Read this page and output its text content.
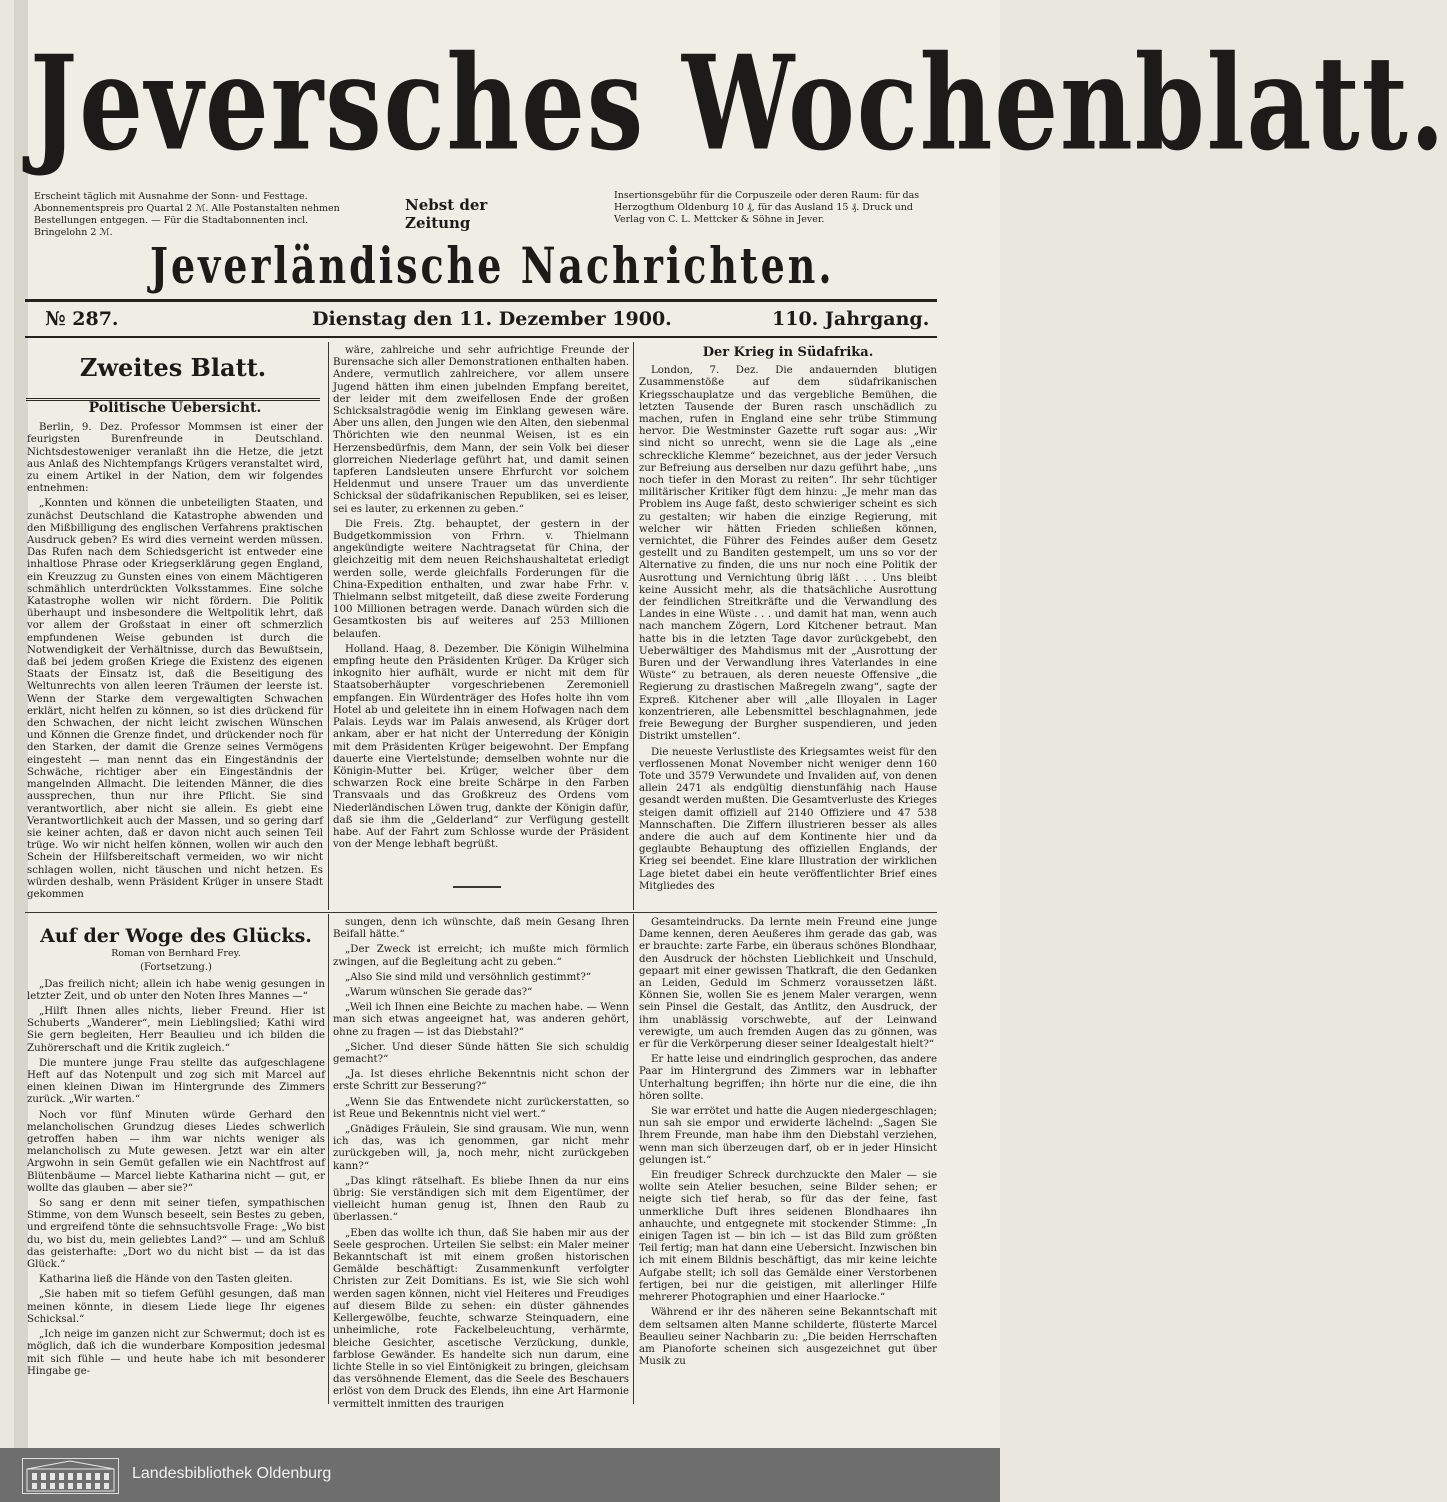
Jeversches Wochenblatt.
Erscheint täglich mit Ausnahme der Sonn- und Festtage. Abonnementspreis pro Quartal 2 ℳ. Alle Postanstalten nehmen Bestellungen entgegen. — Für die Stadtabonnenten incl. Bringelohn 2 ℳ.
Nebst der Zeitung
Insertionsgebühr für die Corpuszeile oder deren Raum: für das Herzogthum Oldenburg 10 ₰, für das Ausland 15 ₰. Druck und Verlag von C. L. Mettcker & Söhne in Jever.
Jeverländische Nachrichten.
№ 287.	Dienstag den 11. Dezember 1900.	110. Jahrgang.
Zweites Blatt.
Politische Uebersicht.

Berlin, 9. Dez. Professor Mommsen ist einer der feurigsten Burenfreunde in Deutschland. Nichtsdestoweniger veranlaßt ihn die Hetze, die jetzt aus Anlaß des Nichtempfangs Krügers veranstaltet wird, zu einem Artikel in der Nation, dem wir folgendes entnehmen:

„Konnten und können die unbeteiligten Staaten, und zunächst Deutschland die Katastrophe abwenden und den Mißbilligung des englischen Verfahrens praktischen Ausdruck geben? Es wird dies verneint werden müssen. Das Rufen nach dem Schiedsgericht ist entweder eine inhaltlose Phrase oder Kriegserklärung gegen England, ein Kreuzzug zu Gunsten eines von einem Mächtigeren schmählich unterdrückten Volksstammes. Eine solche Katastrophe wollen wir nicht fördern. Die Politik überhaupt und insbesondere die Weltpolitik lehrt, daß vor allem der Großstaat in einer oft schmerzlich empfundenen Weise gebunden ist durch die Notwendigkeit der Verhältnisse, durch das Bewußtsein, daß bei jedem großen Kriege die Existenz des eigenen Staats der Einsatz ist, daß die Beseitigung des Weltunrechts von allen leeren Träumen der leerste ist. Wenn der Starke dem vergewaltigten Schwachen erklärt, nicht helfen zu können, so ist dies drückend für den Schwachen, der nicht leicht zwischen Wünschen und Können die Grenze findet, und drückender noch für den Starken, der damit die Grenze seines Vermögens eingesteht — man nennt das ein Eingeständnis der Schwäche, richtiger aber ein Eingeständnis der mangelnden Allmacht. Die leitenden Männer, die dies aussprechen, thun nur ihre Pflicht. Sie sind verantwortlich, aber nicht sie allein. Es giebt eine Verantwortlichkeit auch der Massen, und so gering darf sie keiner achten, daß er davon nicht auch seinen Teil trüge. Wo wir nicht helfen können, wollen wir auch den Schein der Hilfsbereitschaft vermeiden, wo wir nicht schlagen wollen, nicht täuschen und nicht hetzen. Es würden deshalb, wenn Präsident Krüger in unsere Stadt gekommen

wäre, zahlreiche und sehr aufrichtige Freunde der Burensache sich aller Demonstrationen enthalten haben. Andere, vermutlich zahlreichere, vor allem unsere Jugend hätten ihm einen jubelnden Empfang bereitet, der leider mit dem zweifellosen Ende der großen Schicksalstragödie wenig im Einklang gewesen wäre. Aber uns allen, den Jungen wie den Alten, den siebenmal Thörichten wie den neunmal Weisen, ist es ein Herzensbedürfnis, dem Mann, der sein Volk bei dieser glorreichen Niederlage geführt hat, und damit seinen tapferen Landsleuten unsere Ehrfurcht vor solchem Heldenmut und unsere Trauer um das unverdiente Schicksal der südafrikanischen Republiken, sei es leiser, sei es lauter, zu erkennen zu geben.“

Die Freis. Ztg. behauptet, der gestern in der Budgetkommission von Frhrn. v. Thielmann angekündigte weitere Nachtragsetat für China, der gleichzeitig mit dem neuen Reichshaushaltetat erledigt werden solle, werde gleichfalls Forderungen für die China-Expedition enthalten, und zwar habe Frhr. v. Thielmann selbst mitgeteilt, daß diese zweite Forderung 100 Millionen betragen werde. Danach würden sich die Gesamtkosten bis auf weiteres auf 253 Millionen belaufen.

Holland. Haag, 8. Dezember. Die Königin Wilhelmina empfing heute den Präsidenten Krüger. Da Krüger sich inkognito hier aufhält, wurde er nicht mit dem für Staatsoberhäupter vorgeschriebenen Zeremoniell empfangen. Ein Würdenträger des Hofes holte ihn vom Hotel ab und geleitete ihn in einem Hofwagen nach dem Palais. Leyds war im Palais anwesend, als Krüger dort ankam, aber er hat nicht der Unterredung der Königin mit dem Präsidenten Krüger beigewohnt. Der Empfang dauerte eine Viertelstunde; demselben wohnte nur die Königin-Mutter bei. Krüger, welcher über dem schwarzen Rock eine breite Schärpe in den Farben Transvaals und das Großkreuz des Ordens vom Niederländischen Löwen trug, dankte der Königin dafür, daß sie ihm die „Gelderland“ zur Verfügung gestellt habe. Auf der Fahrt zum Schlosse wurde der Präsident von der Menge lebhaft begrüßt.

Der Krieg in Südafrika.

London, 7. Dez. Die andauernden blutigen Zusammenstöße auf dem südafrikanischen Kriegsschauplatze und das vergebliche Bemühen, die letzten Tausende der Buren rasch unschädlich zu machen, rufen in England eine sehr trübe Stimmung hervor. Die Westminster Gazette ruft sogar aus: „Wir sind nicht so unrecht, wenn sie die Lage als „eine schreckliche Klemme“ bezeichnet, aus der jeder Versuch zur Befreiung aus derselben nur dazu geführt habe, „uns noch tiefer in den Morast zu reiten“. Ihr sehr tüchtiger militärischer Kritiker fügt dem hinzu: „Je mehr man das Problem ins Auge faßt, desto schwieriger scheint es sich zu gestalten; wir haben die einzige Regierung, mit welcher wir hätten Frieden schließen können, vernichtet, die Führer des Feindes außer dem Gesetz gestellt und zu Banditen gestempelt, um uns so vor der Alternative zu finden, die uns nur noch eine Politik der Ausrottung und Vernichtung übrig läßt . . . Uns bleibt keine Aussicht mehr, als die thatsächliche Ausrottung der feindlichen Streitkräfte und die Verwandlung des Landes in eine Wüste . . . und damit hat man, wenn auch nach manchem Zögern, Lord Kitchener betraut. Man hatte bis in die letzten Tage davor zurückgebebt, den Ueberwältiger des Mahdismus mit der „Ausrottung der Buren und der Verwandlung ihres Vaterlandes in eine Wüste“ zu betrauen, als deren neueste Offensive „die Regierung zu drastischen Maßregeln zwang“, sagte der Expreß. Kitchener aber will „alle Illoyalen in Lager konzentrieren, alle Lebensmittel beschlagnahmen, jede freie Bewegung der Burgher suspendieren, und jeden Distrikt umstellen“.

Die neueste Verlustliste des Kriegsamtes weist für den verflossenen Monat November nicht weniger denn 160 Tote und 3579 Verwundete und Invaliden auf, von denen allein 2471 als endgültig dienstunfähig nach Hause gesandt werden mußten. Die Gesamtverluste des Krieges steigen damit offiziell auf 2140 Offiziere und 47 538 Mannschaften. Die Ziffern illustrieren besser als alles andere die auch auf dem Kontinente hier und da geglaubte Behauptung des offiziellen Englands, der Krieg sei beendet. Eine klare Illustration der wirklichen Lage bietet dabei ein heute veröffentlichter Brief eines Mitgliedes des

Auf der Woge des Glücks.
Roman von Bernhard Frey.
(Fortsetzung.)

„Das freilich nicht; allein ich habe wenig gesungen in letzter Zeit, und ob unter den Noten Ihres Mannes —“

„Hilft Ihnen alles nichts, lieber Freund. Hier ist Schuberts „Wanderer“, mein Lieblingslied; Kathi wird Sie gern begleiten, Herr Beaulieu und ich bilden die Zuhörerschaft und die Kritik zugleich.“

Die muntere junge Frau stellte das aufgeschlagene Heft auf das Notenpult und zog sich mit Marcel auf einen kleinen Diwan im Hintergrunde des Zimmers zurück. „Wir warten.“

Noch vor fünf Minuten würde Gerhard den melancholischen Grundzug dieses Liedes schwerlich getroffen haben — ihm war nichts weniger als melancholisch zu Mute gewesen. Jetzt war ein alter Argwohn in sein Gemüt gefallen wie ein Nachtfrost auf Blütenbäume — Marcel liebte Katharina nicht — gut, er wollte das glauben — aber sie?“

So sang er denn mit seiner tiefen, sympathischen Stimme, von dem Wunsch beseelt, sein Bestes zu geben, und ergreifend tönte die sehnsuchtsvolle Frage: „Wo bist du, wo bist du, mein geliebtes Land?“ — und am Schluß das geisterhafte: „Dort wo du nicht bist — da ist das Glück.“

Katharina ließ die Hände von den Tasten gleiten.

„Sie haben mit so tiefem Gefühl gesungen, daß man meinen könnte, in diesem Liede liege Ihr eigenes Schicksal.“

„Ich neige im ganzen nicht zur Schwermut; doch ist es möglich, daß ich die wunderbare Komposition jedesmal mit sich fühle — und heute habe ich mit besonderer Hingabe ge-

sungen, denn ich wünschte, daß mein Gesang Ihren Beifall hätte.“

„Der Zweck ist erreicht; ich mußte mich förmlich zwingen, auf die Begleitung acht zu geben.“

„Also Sie sind mild und versöhnlich gestimmt?“

„Warum wünschen Sie gerade das?“

„Weil ich Ihnen eine Beichte zu machen habe. — Wenn man sich etwas angeeignet hat, was anderen gehört, ohne zu fragen — ist das Diebstahl?“

„Sicher. Und dieser Sünde hätten Sie sich schuldig gemacht?“

„Ja. Ist dieses ehrliche Bekenntnis nicht schon der erste Schritt zur Besserung?“

„Wenn Sie das Entwendete nicht zurückerstatten, so ist Reue und Bekenntnis nicht viel wert.“

„Gnädiges Fräulein, Sie sind grausam. Wie nun, wenn ich das, was ich genommen, gar nicht mehr zurückgeben will, ja, noch mehr, nicht zurückgeben kann?“

„Das klingt rätselhaft. Es bliebe Ihnen da nur eins übrig: Sie verständigen sich mit dem Eigentümer, der vielleicht human genug ist, Ihnen den Raub zu überlassen.“

„Eben das wollte ich thun, daß Sie haben mir aus der Seele gesprochen. Urteilen Sie selbst: ein Maler meiner Bekanntschaft ist mit einem großen historischen Gemälde beschäftigt: Zusammenkunft verfolgter Christen zur Zeit Domitians. Es ist, wie Sie sich wohl werden sagen können, nicht viel Heiteres und Freudiges auf diesem Bilde zu sehen: ein düster gähnendes Kellergewölbe, feuchte, schwarze Steinquadern, eine unheimliche, rote Fackelbeleuchtung, verhärmte, bleiche Gesichter, ascetische Verzückung, dunkle, farblose Gewänder. Es handelte sich nun darum, eine lichte Stelle in so viel Eintönigkeit zu bringen, gleichsam das versöhnende Element, das die Seele des Beschauers erlöst von dem Druck des Elends, ihn eine Art Harmonie vermittelt inmitten des traurigen

Gesamteindrucks. Da lernte mein Freund eine junge Dame kennen, deren Aeußeres ihm gerade das gab, was er brauchte: zarte Farbe, ein überaus schönes Blondhaar, den Ausdruck der höchsten Lieblichkeit und Unschuld, gepaart mit einer gewissen Thatkraft, die den Gedanken an Leiden, Geduld im Schmerz voraussetzen läßt. Können Sie, wollen Sie es jenem Maler verargen, wenn sein Pinsel die Gestalt, das Antlitz, den Ausdruck, der ihm unablässig vorschwebte, auf der Leinwand verewigte, um auch fremden Augen das zu gönnen, was er für die Verkörperung dieser seiner Idealgestalt hielt?“

Er hatte leise und eindringlich gesprochen, das andere Paar im Hintergrund des Zimmers war in lebhafter Unterhaltung begriffen; ihn hörte nur die eine, die ihn hören sollte.

Sie war errötet und hatte die Augen niedergeschlagen; nun sah sie empor und erwiderte lächelnd: „Sagen Sie Ihrem Freunde, man habe ihm den Diebstahl verziehen, wenn man sich überzeugen darf, ob er in jeder Hinsicht gelungen ist.“

Ein freudiger Schreck durchzuckte den Maler — sie wollte sein Atelier besuchen, seine Bilder sehen; er neigte sich tief herab, so für das der feine, fast unmerkliche Duft ihres seidenen Blondhaares ihn anhauchte, und entgegnete mit stockender Stimme: „In einigen Tagen ist — bin ich — ist das Bild zum größten Teil fertig; man hat dann eine Uebersicht. Inzwischen bin ich mit einem Bildnis beschäftigt, das mir keine leichte Aufgabe stellt; ich soll das Gemälde einer Verstorbenen fertigen, bei nur die geistigen, mit allerlinger Hilfe mehrerer Photographien und einer Haarlocke.“

Während er ihr des näheren seine Bekanntschaft mit dem seltsamen alten Manne schilderte, flüsterte Marcel Beaulieu seiner Nachbarin zu: „Die beiden Herrschaften am Pianoforte scheinen sich ausgezeichnet gut über Musik zu

Landesbibliothek Oldenburg
